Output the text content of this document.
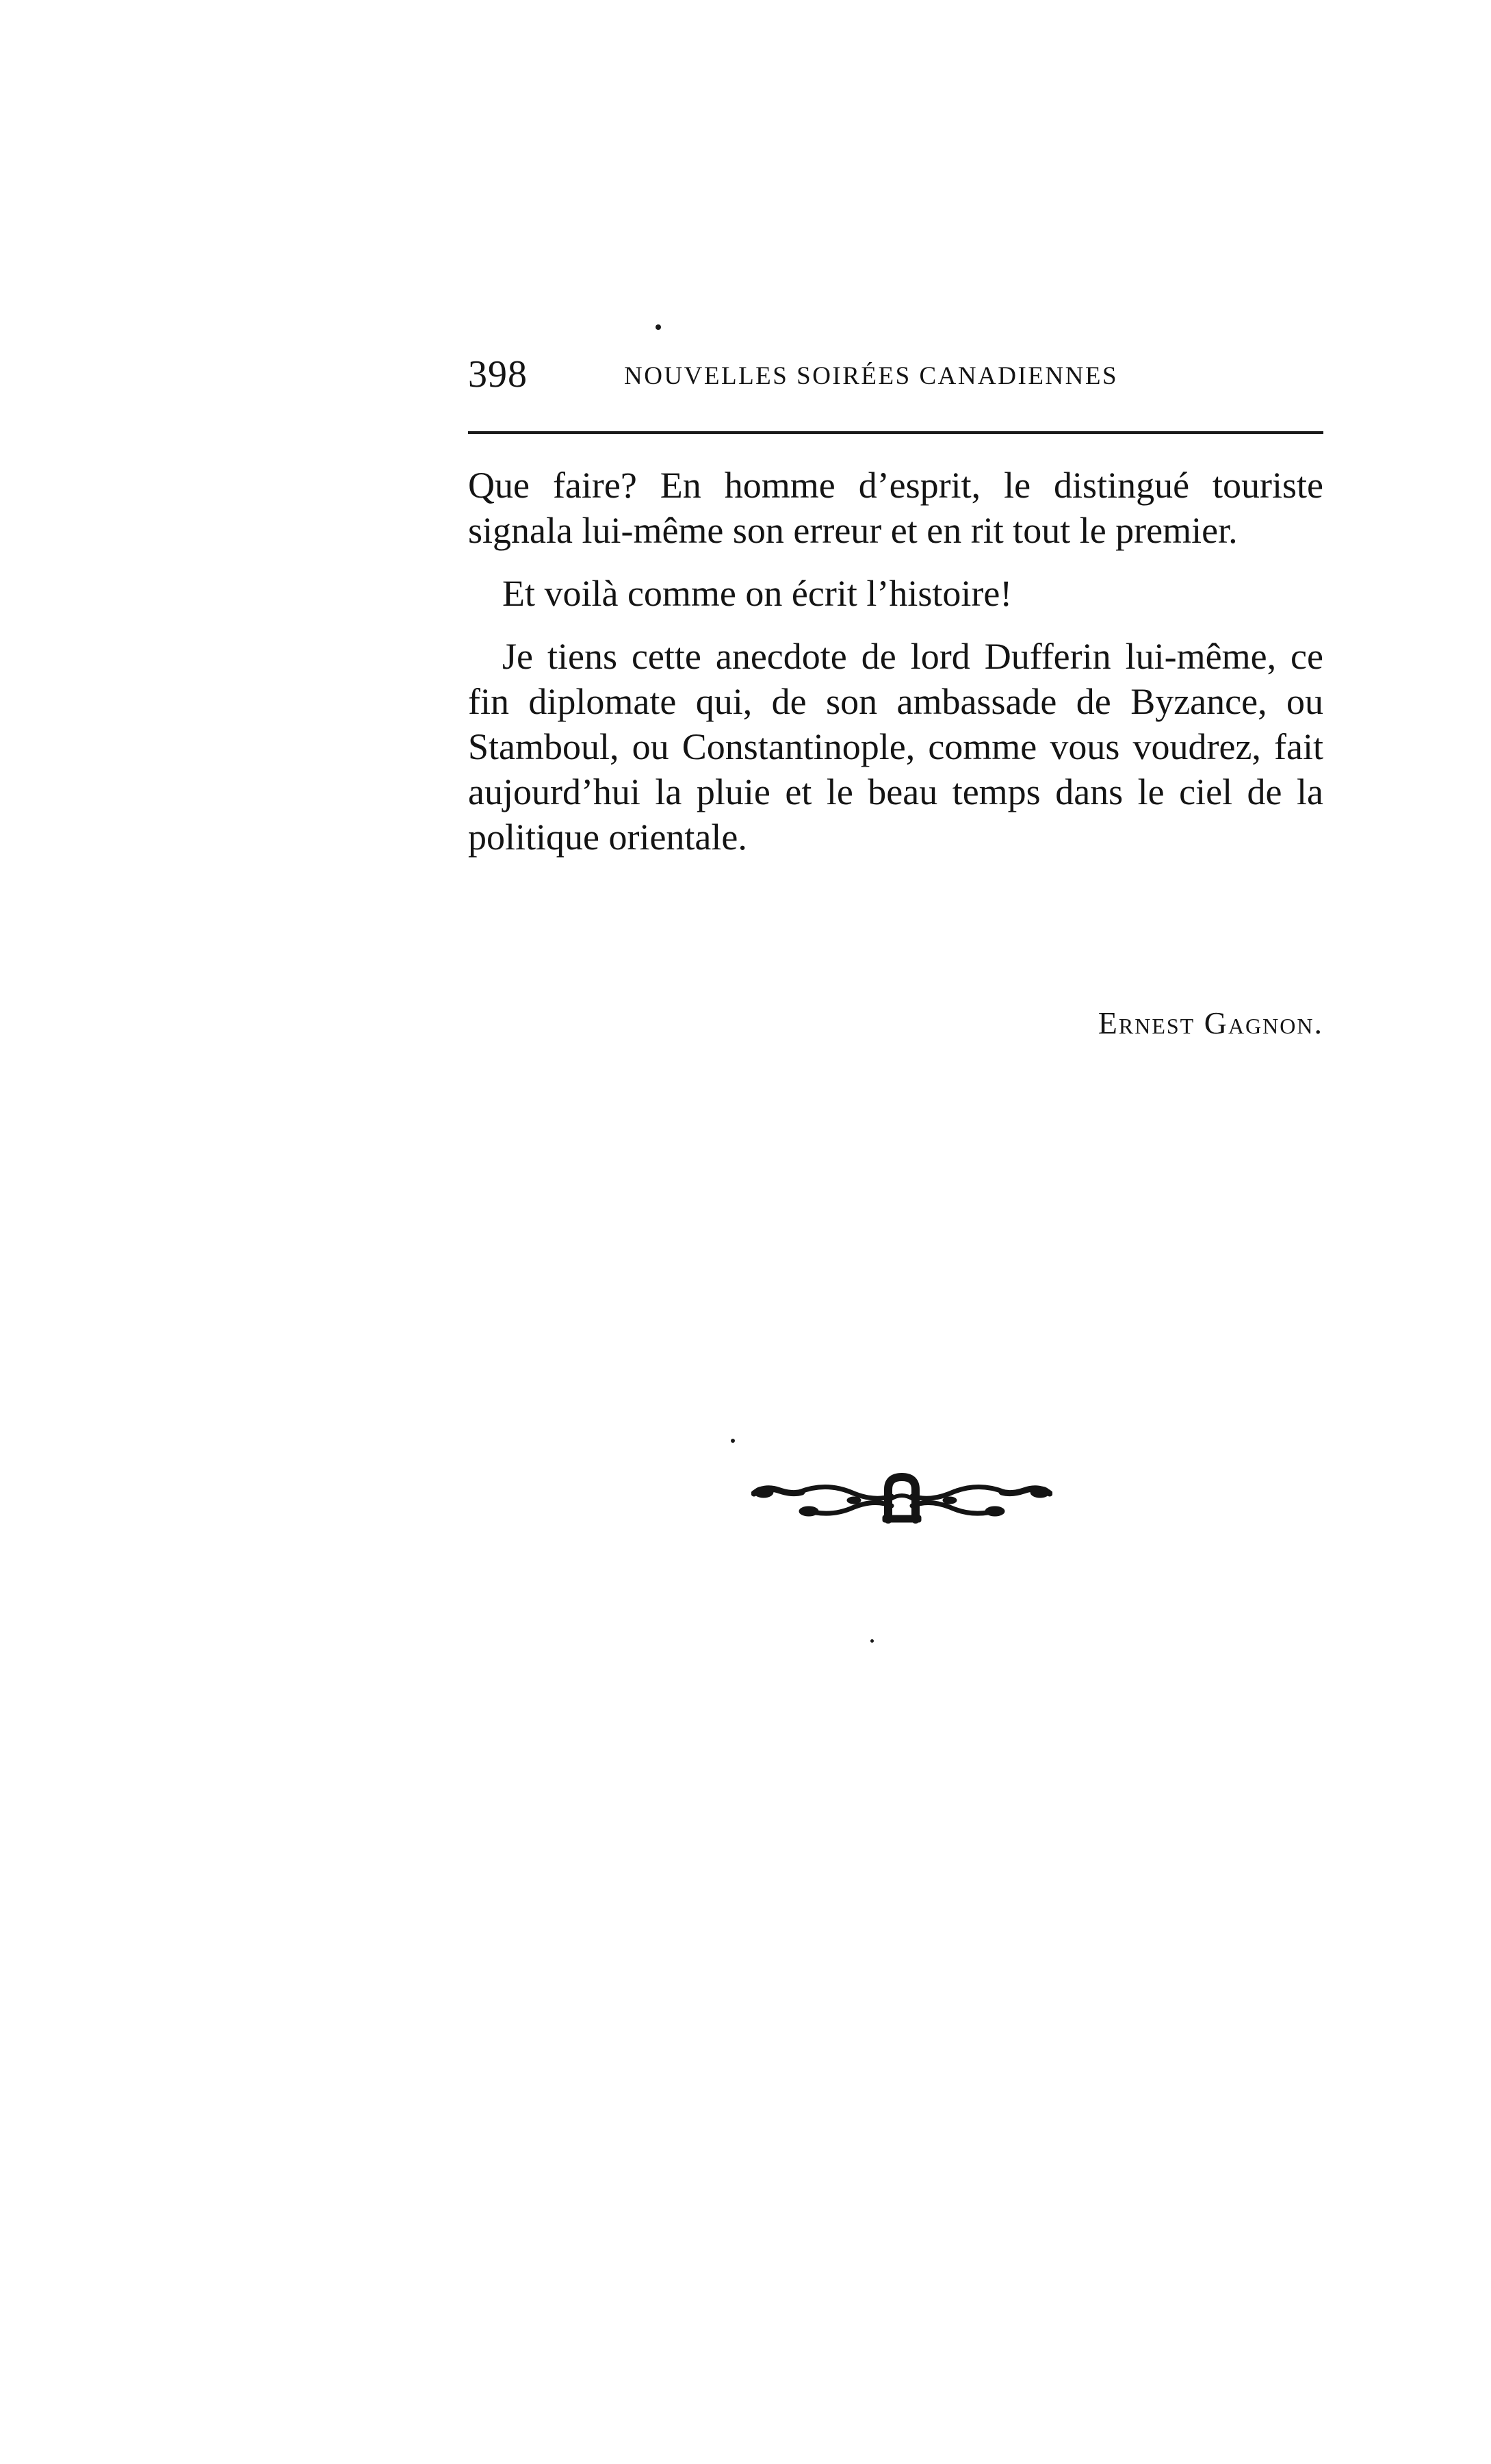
398	NOUVELLES SOIRÉES CANADIENNES

Que faire? En homme d’esprit, le distingué touriste signala lui-même son erreur et en rit tout le premier.

Et voilà comme on écrit l’histoire!

Je tiens cette anecdote de lord Dufferin lui-même, ce fin diplomate qui, de son ambassade de Byzance, ou Stamboul, ou Constantinople, comme vous voudrez, fait aujourd’hui la pluie et le beau temps dans le ciel de la politique orientale.

Ernest Gagnon.
